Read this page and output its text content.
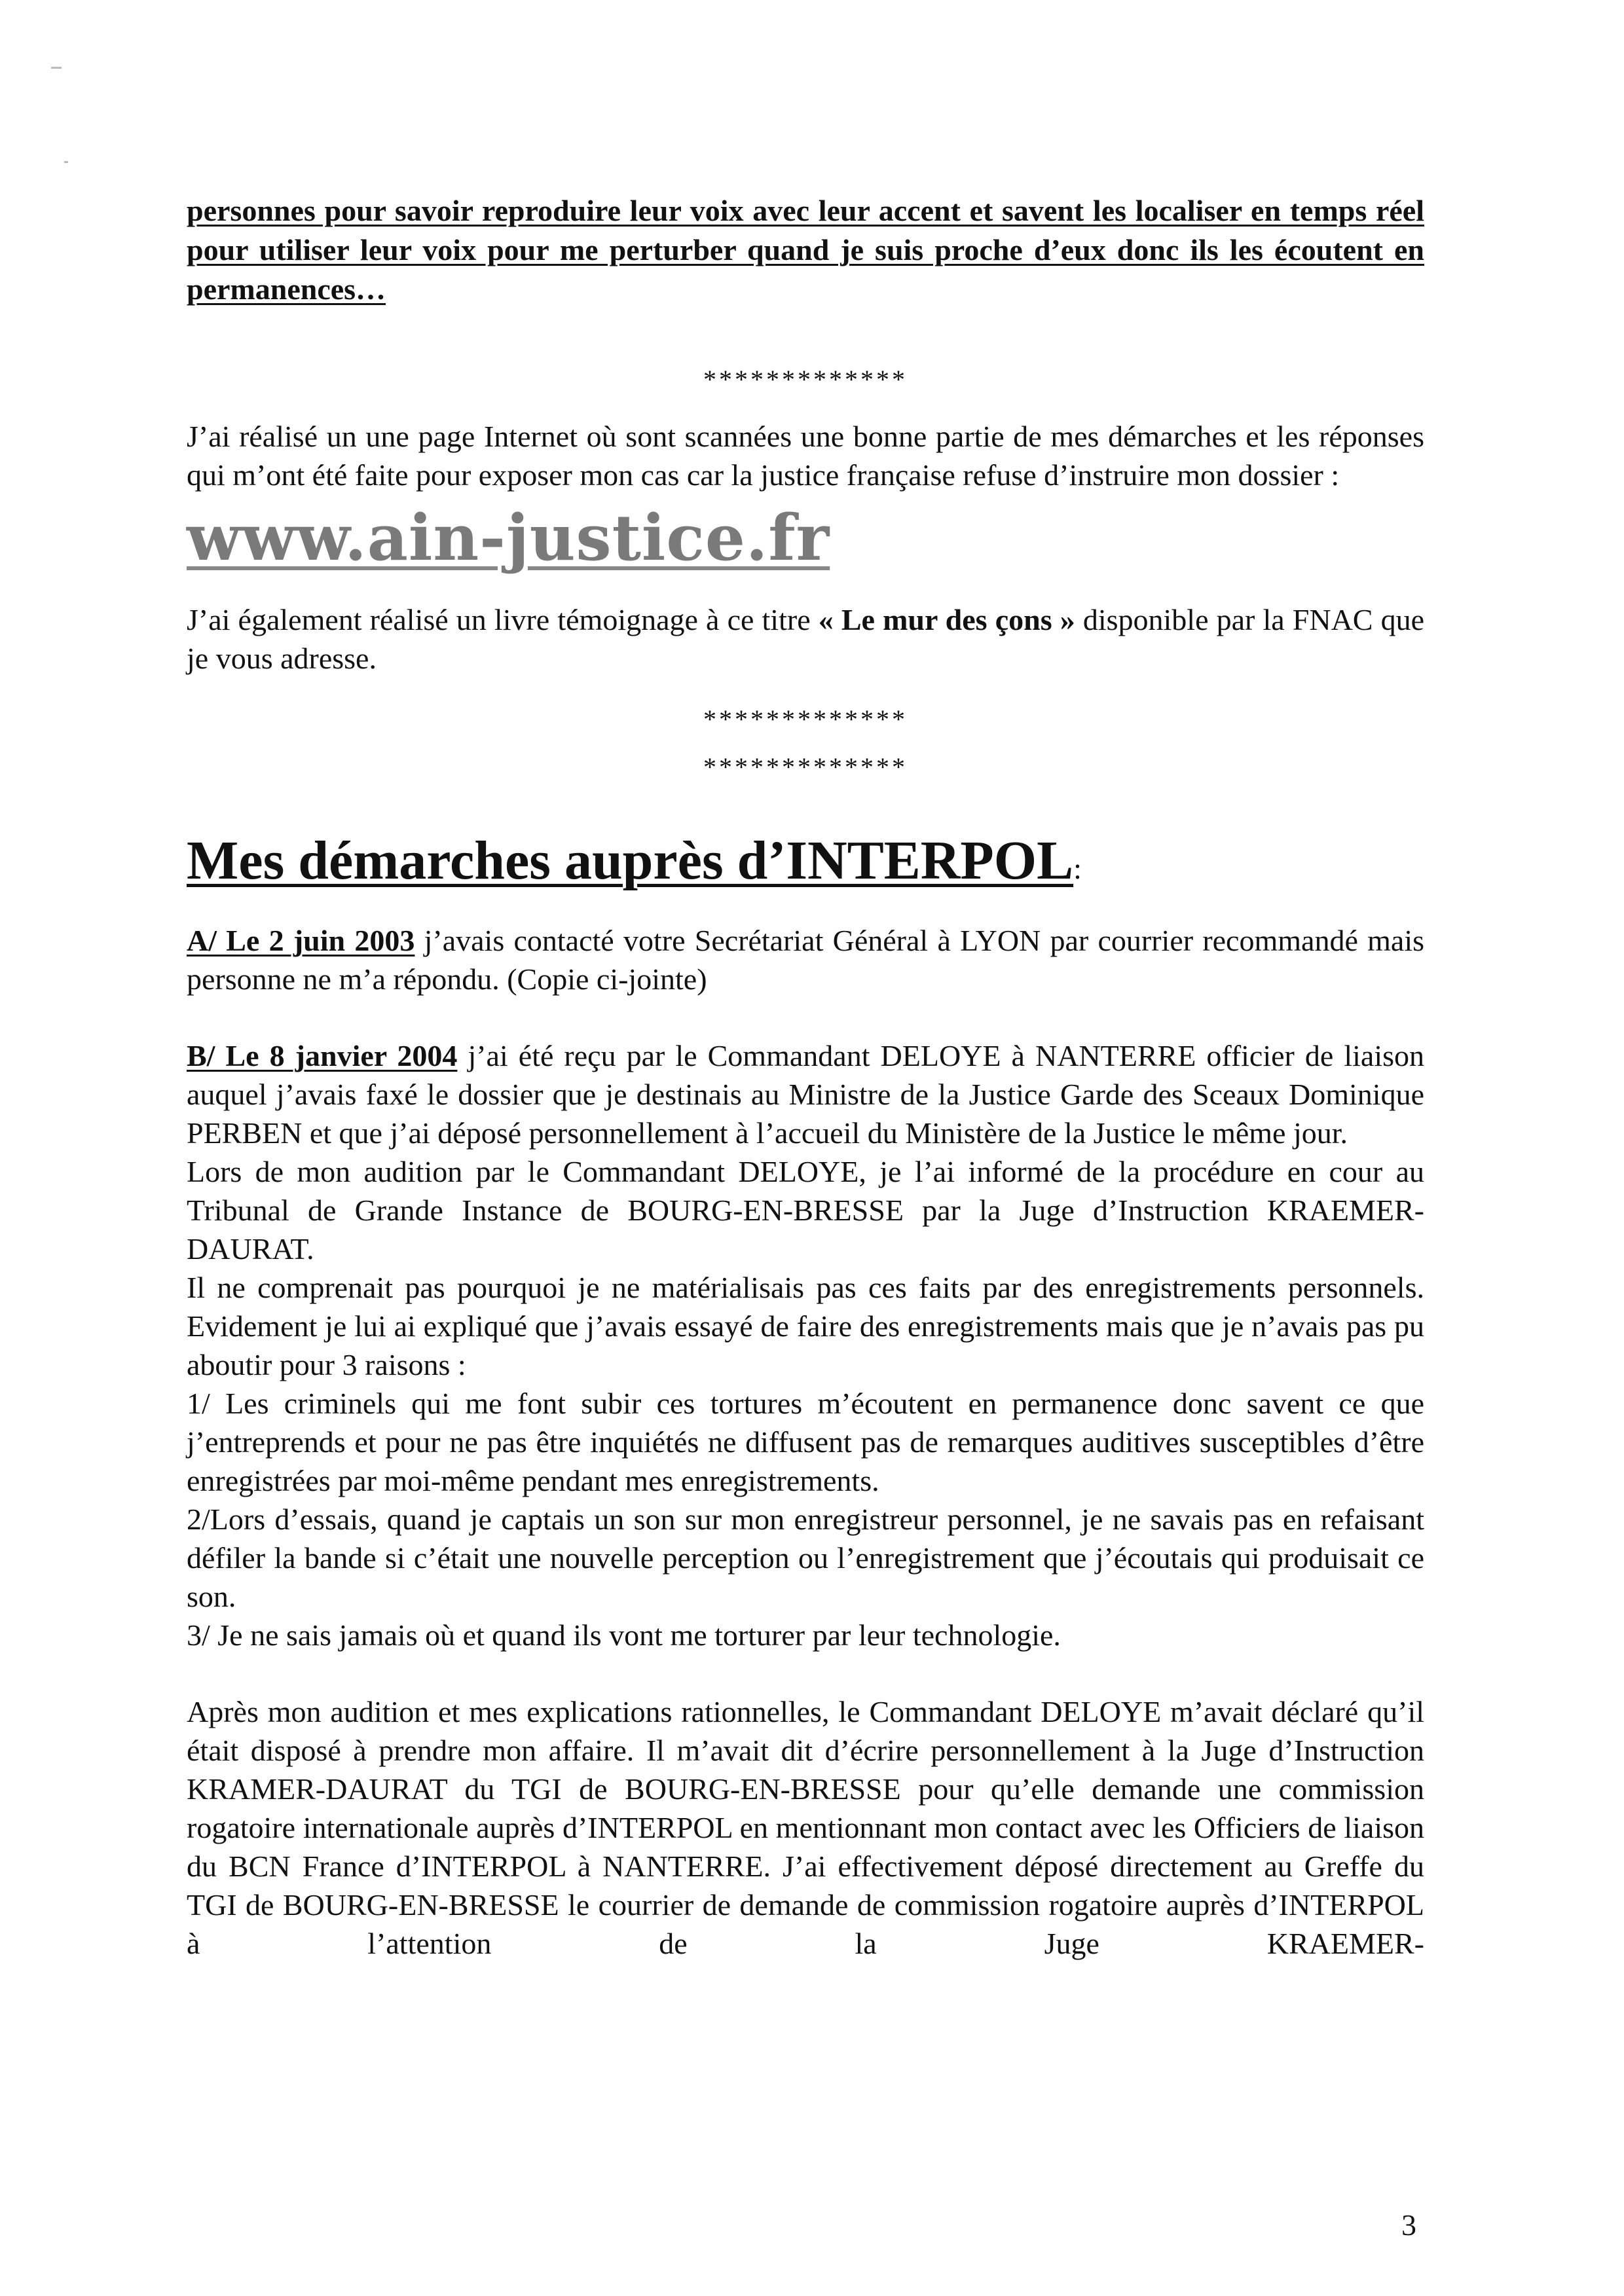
personnes pour savoir reproduire leur voix avec leur accent et savent les localiser en temps réel pour utiliser leur voix pour me perturber quand je suis proche d’eux donc ils les écoutent en permanences…

*************

J’ai réalisé un une page Internet où sont scannées une bonne partie de mes démarches et les réponses qui m’ont été faite pour exposer mon cas car la justice française refuse d’instruire mon dossier :

www.ain-justice.fr

J’ai également réalisé un livre témoignage à ce titre « Le mur des çons » disponible par la FNAC que je vous adresse.

*************

*************

Mes démarches auprès d’INTERPOL:

A/ Le 2 juin 2003 j’avais contacté votre Secrétariat Général à LYON par courrier recommandé mais personne ne m’a répondu. (Copie ci-jointe)

B/ Le 8 janvier 2004 j’ai été reçu par le Commandant DELOYE à NANTERRE officier de liaison auquel j’avais faxé le dossier que je destinais au Ministre de la Justice Garde des Sceaux Dominique PERBEN et que j’ai déposé personnellement à l’accueil du Ministère de la Justice le même jour.

Lors de mon audition par le Commandant DELOYE, je l’ai informé de la procédure en cour au Tribunal de Grande Instance de BOURG-EN-BRESSE par la Juge d’Instruction KRAEMER-DAURAT.

Il ne comprenait pas pourquoi je ne matérialisais pas ces faits par des enregistrements personnels. Evidement je lui ai expliqué que j’avais essayé de faire des enregistrements mais que je n’avais pas pu aboutir pour 3 raisons :

1/ Les criminels qui me font subir ces tortures m’écoutent en permanence donc savent ce que j’entreprends et pour ne pas être inquiétés ne diffusent pas de remarques auditives susceptibles d’être enregistrées par moi-même pendant mes enregistrements.

2/Lors d’essais, quand je captais un son sur mon enregistreur personnel, je ne savais pas en refaisant défiler la bande si c’était une nouvelle perception ou l’enregistrement que j’écoutais qui produisait ce son.

3/ Je ne sais jamais où et quand ils vont me torturer par leur technologie.

Après mon audition et mes explications rationnelles, le Commandant DELOYE m’avait déclaré qu’il était disposé à prendre mon affaire. Il m’avait dit d’écrire personnellement à la Juge d’Instruction KRAMER-DAURAT du TGI de BOURG-EN-BRESSE pour qu’elle demande une commission rogatoire internationale auprès d’INTERPOL en mentionnant mon contact avec les Officiers de liaison du BCN France d’INTERPOL à NANTERRE. J’ai effectivement déposé directement au Greffe du TGI de BOURG-EN-BRESSE le courrier de demande de commission rogatoire auprès d’INTERPOL à l’attention de la Juge KRAEMER-

3
